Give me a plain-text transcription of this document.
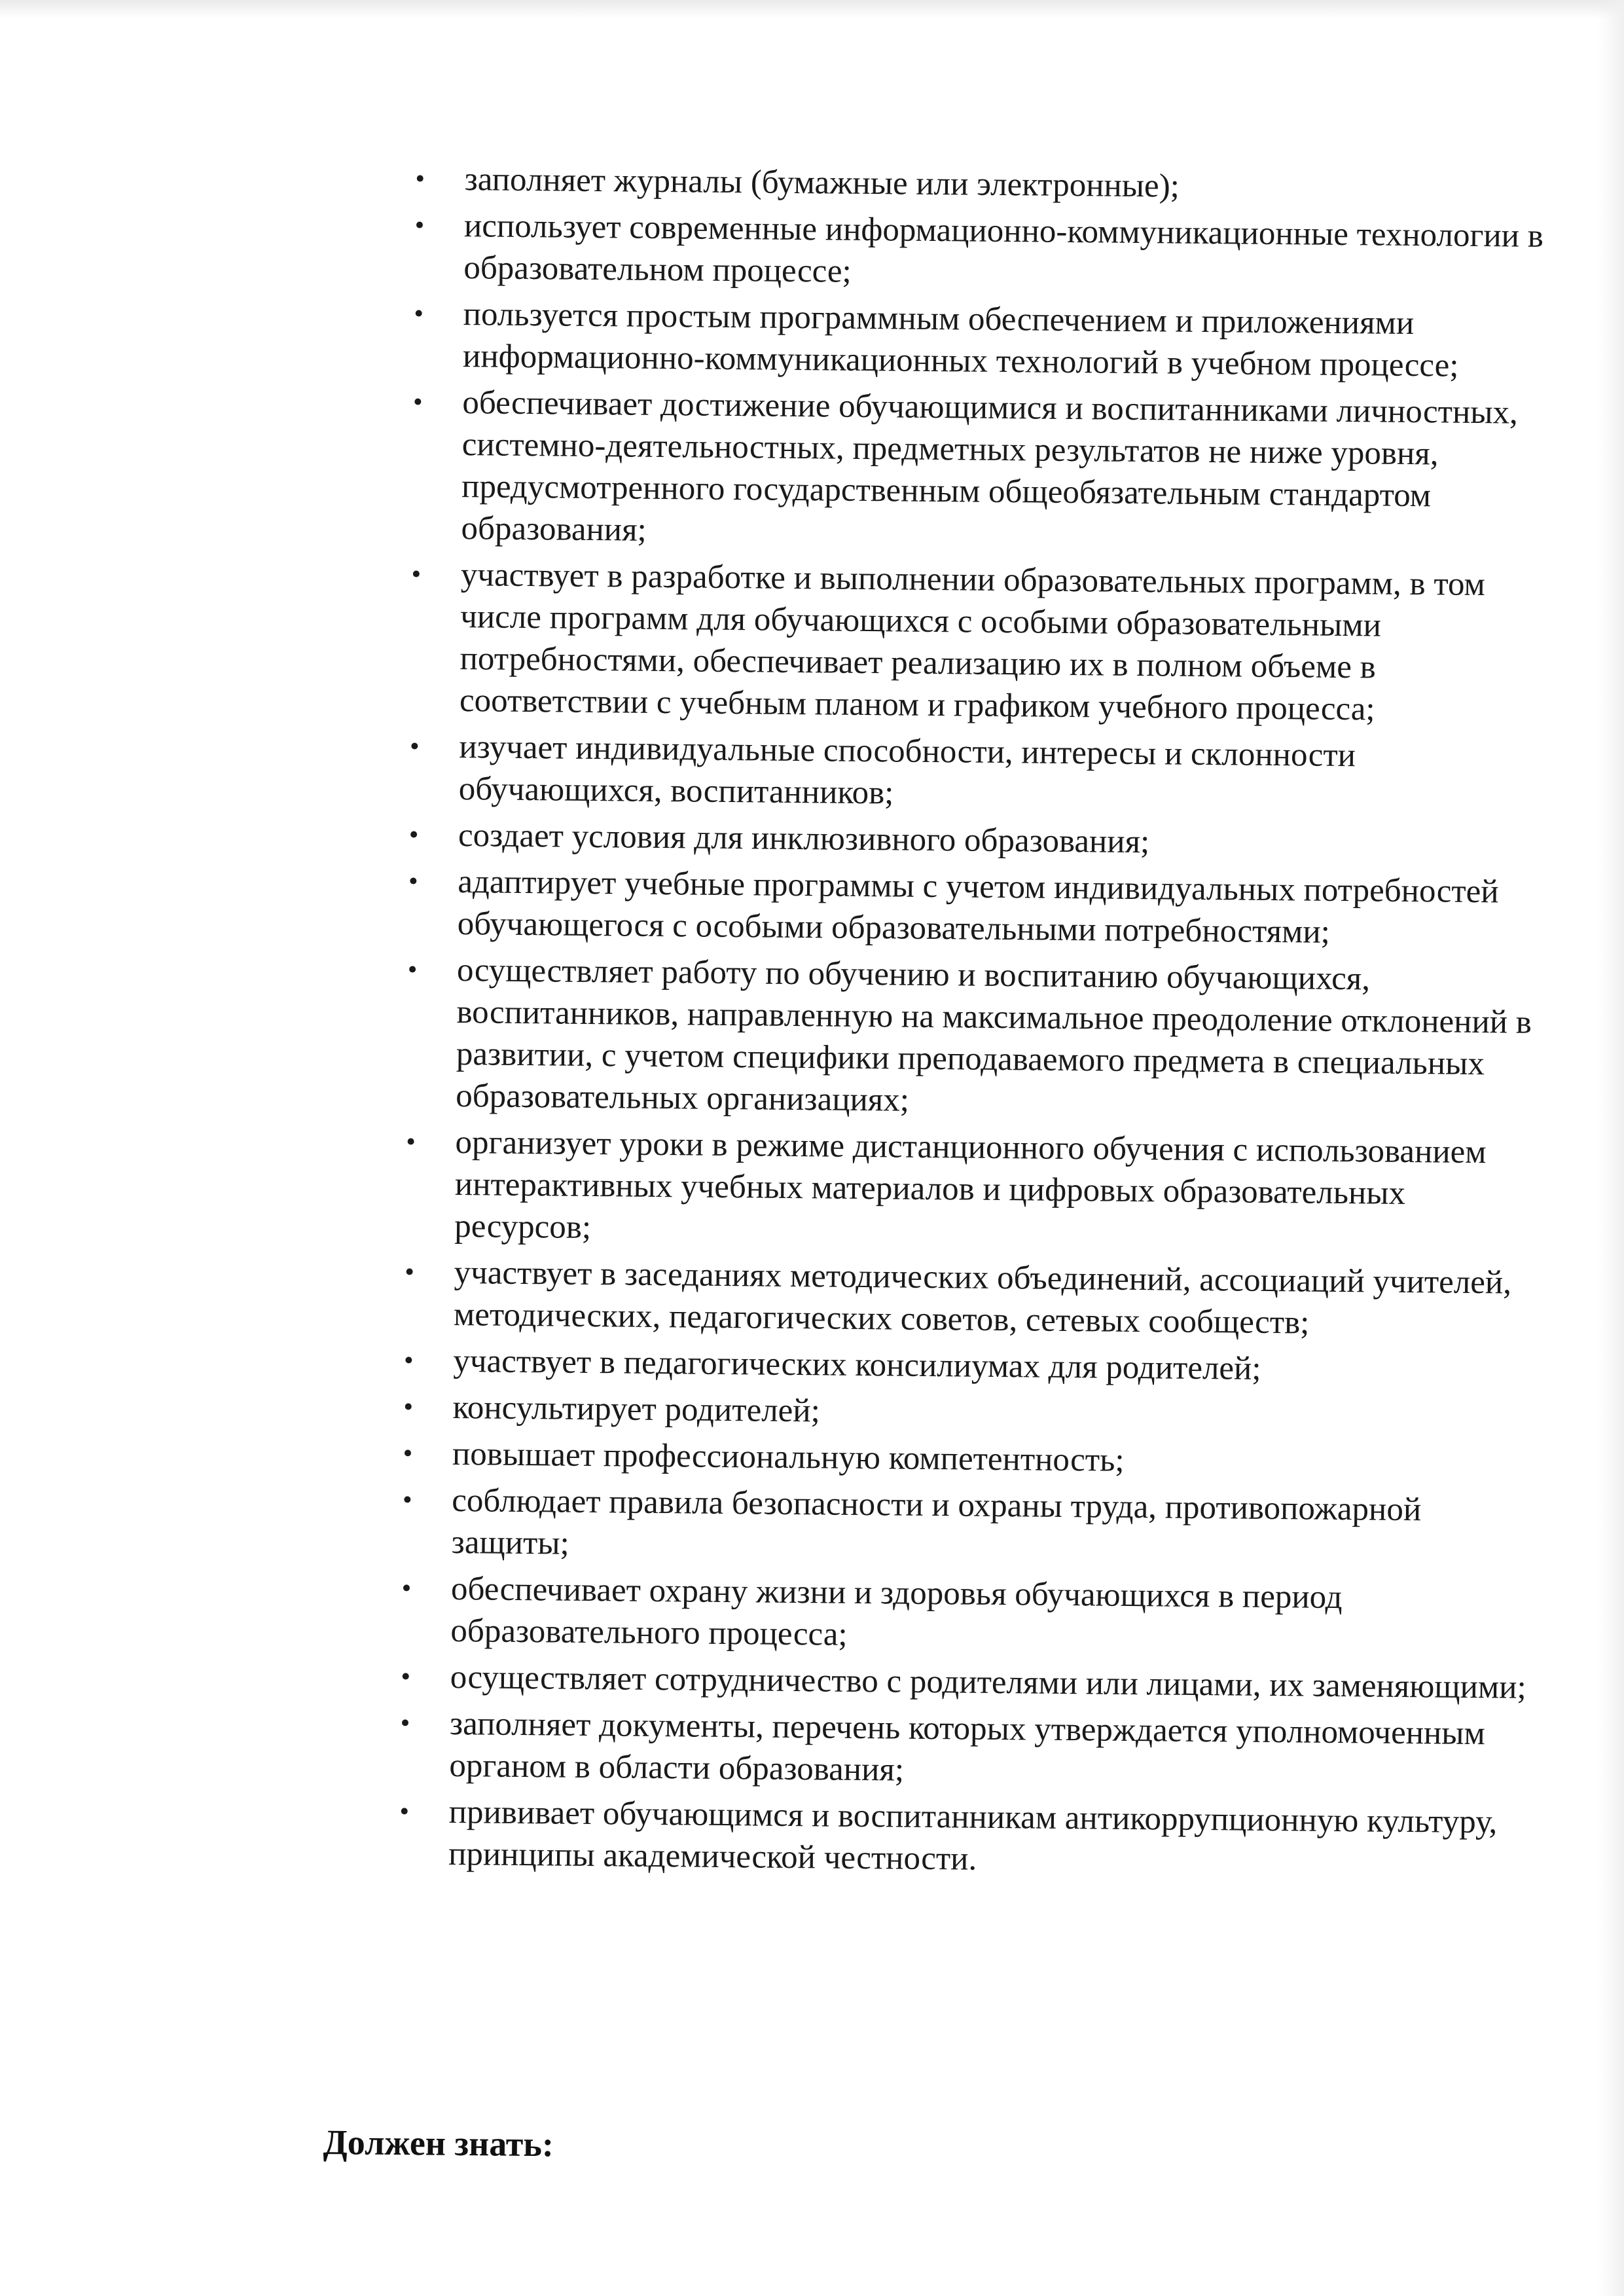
• заполняет журналы (бумажные или электронные);
• использует современные информационно-коммуникационные технологии в образовательном процессе;
• пользуется простым программным обеспечением и приложениями информационно-коммуникационных технологий в учебном процессе;
• обеспечивает достижение обучающимися и воспитанниками личностных, системно-деятельностных, предметных результатов не ниже уровня, предусмотренного государственным общеобязательным стандартом образования;
• участвует в разработке и выполнении образовательных программ, в том числе программ для обучающихся с особыми образовательными потребностями, обеспечивает реализацию их в полном объеме в соответствии с учебным планом и графиком учебного процесса;
• изучает индивидуальные способности, интересы и склонности обучающихся, воспитанников;
• создает условия для инклюзивного образования;
• адаптирует учебные программы с учетом индивидуальных потребностей обучающегося с особыми образовательными потребностями;
• осуществляет работу по обучению и воспитанию обучающихся, воспитанников, направленную на максимальное преодоление отклонений в развитии, с учетом специфики преподаваемого предмета в специальных образовательных организациях;
• организует уроки в режиме дистанционного обучения с использованием интерактивных учебных материалов и цифровых образовательных ресурсов;
• участвует в заседаниях методических объединений, ассоциаций учителей, методических, педагогических советов, сетевых сообществ;
• участвует в педагогических консилиумах для родителей;
• консультирует родителей;
• повышает профессиональную компетентность;
• соблюдает правила безопасности и охраны труда, противопожарной защиты;
• обеспечивает охрану жизни и здоровья обучающихся в период образовательного процесса;
• осуществляет сотрудничество с родителями или лицами, их заменяющими;
• заполняет документы, перечень которых утверждается уполномоченным органом в области образования;
• прививает обучающимся и воспитанникам антикоррупционную культуру, принципы академической честности.
Должен знать:
